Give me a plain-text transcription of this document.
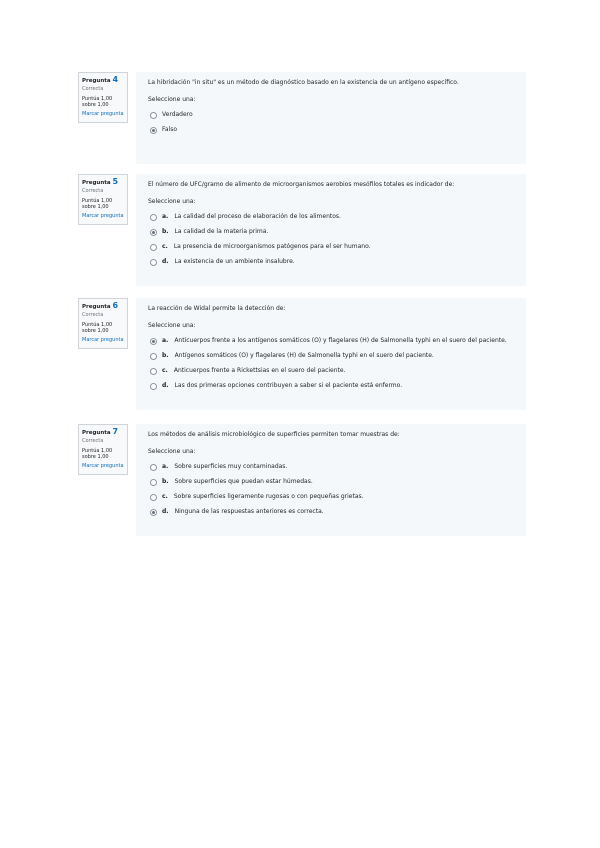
Pregunta 4
Correcta
Puntúa 1,00 sobre 1,00
Marcar pregunta
La hibridación "in situ" es un método de diagnóstico basado en la existencia de un antígeno específico.
Seleccione una:
Verdadero
Falso
Pregunta 5
Correcta
Puntúa 1,00 sobre 1,00
Marcar pregunta
El número de UFC/gramo de alimento de microorganismos aerobios mesófilos totales es indicador de:
Seleccione una:
a. La calidad del proceso de elaboración de los alimentos.
b. La calidad de la materia prima.
c. La presencia de microorganismos patógenos para el ser humano.
d. La existencia de un ambiente insalubre.
Pregunta 6
Correcta
Puntúa 1,00 sobre 1,00
Marcar pregunta
La reacción de Widal permite la detección de:
Seleccione una:
a. Anticuerpos frente a los antígenos somáticos (O) y flagelares (H) de Salmonella typhi en el suero del paciente.
b. Antígenos somáticos (O) y flagelares (H) de Salmonella typhi en el suero del paciente.
c. Anticuerpos frente a Rickettsias en el suero del paciente.
d. Las dos primeras opciones contribuyen a saber si el paciente está enfermo.
Pregunta 7
Correcta
Puntúa 1,00 sobre 1,00
Marcar pregunta
Los métodos de análisis microbiológico de superficies permiten tomar muestras de:
Seleccione una:
a. Sobre superficies muy contaminadas.
b. Sobre superficies que puedan estar húmedas.
c. Sobre superficies ligeramente rugosas o con pequeñas grietas.
d. Ninguna de las respuestas anteriores es correcta.
